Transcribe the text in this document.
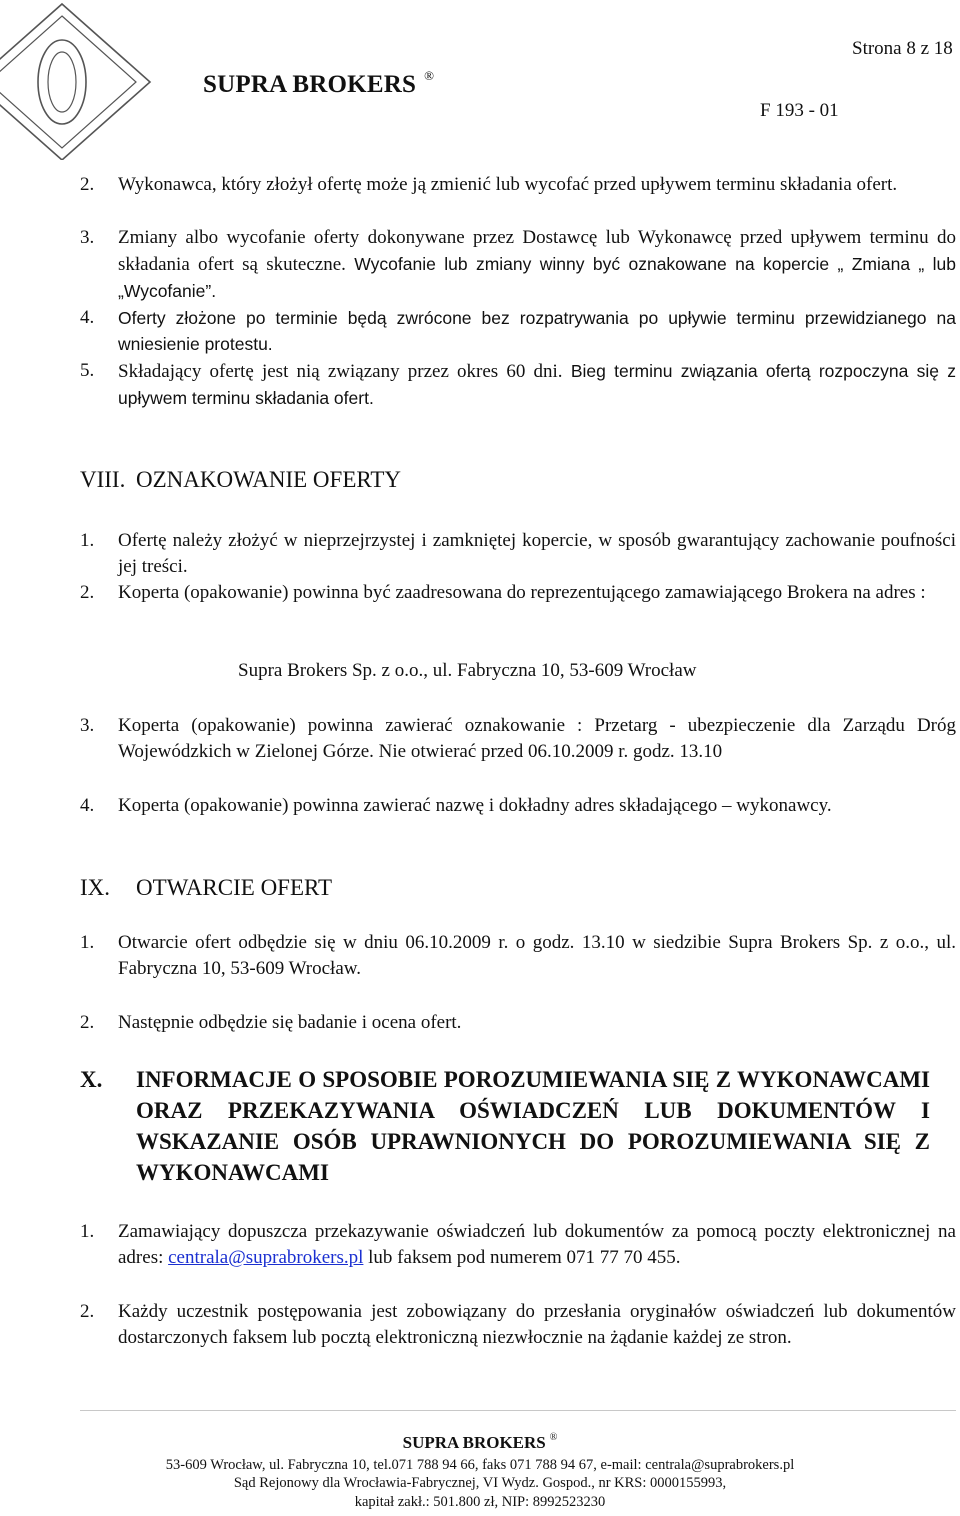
Strona 8 z 18
SUPRA BROKERS ®
F 193 - 01
2. Wykonawca, który złożył ofertę może ją zmienić lub wycofać przed upływem terminu składania ofert.
3. Zmiany albo wycofanie oferty dokonywane przez Dostawcę lub Wykonawcę przed upływem terminu do składania ofert są skuteczne. Wycofanie lub zmiany winny być oznakowane na kopercie „ Zmiana „ lub „Wycofanie”.
4. Oferty złożone po terminie będą zwrócone bez rozpatrywania po upływie terminu przewidzianego na wniesienie protestu.
5. Składający ofertę jest nią związany przez okres 60 dni. Bieg terminu związania ofertą rozpoczyna się z upływem terminu składania ofert.
VIII. OZNAKOWANIE OFERTY
1. Ofertę należy złożyć w nieprzejrzystej i zamkniętej kopercie, w sposób gwarantujący zachowanie poufności jej treści.
2. Koperta (opakowanie) powinna być zaadresowana do reprezentującego zamawiającego Brokera na adres :
Supra Brokers Sp. z o.o., ul. Fabryczna 10, 53-609 Wrocław
3. Koperta (opakowanie) powinna zawierać oznakowanie : Przetarg - ubezpieczenie dla Zarządu Dróg Wojewódzkich w Zielonej Górze. Nie otwierać przed 06.10.2009 r. godz. 13.10
4. Koperta (opakowanie) powinna zawierać nazwę i dokładny adres składającego – wykonawcy.
IX. OTWARCIE OFERT
1. Otwarcie ofert odbędzie się w dniu 06.10.2009 r. o godz. 13.10 w siedzibie Supra Brokers Sp. z o.o., ul. Fabryczna 10, 53-609 Wrocław.
2. Następnie odbędzie się badanie i ocena ofert.
X. INFORMACJE O SPOSOBIE POROZUMIEWANIA SIĘ Z WYKONAWCAMI ORAZ PRZEKAZYWANIA OŚWIADCZEŃ LUB DOKUMENTÓW I WSKAZANIE OSÓB UPRAWNIONYCH DO POROZUMIEWANIA SIĘ Z WYKONAWCAMI
1. Zamawiający dopuszcza przekazywanie oświadczeń lub dokumentów za pomocą poczty elektronicznej na adres: centrala@suprabrokers.pl lub faksem pod numerem 071 77 70 455.
2. Każdy uczestnik postępowania jest zobowiązany do przesłania oryginałów oświadczeń lub dokumentów dostarczonych faksem lub pocztą elektroniczną niezwłocznie na żądanie każdej ze stron.
SUPRA BROKERS ®
53-609 Wrocław, ul. Fabryczna 10, tel.071 788 94 66, faks 071 788 94 67, e-mail: centrala@suprabrokers.pl
Sąd Rejonowy dla Wrocławia-Fabrycznej, VI Wydz. Gospod., nr KRS: 0000155993,
kapitał zakł.: 501.800 zł, NIP: 8992523230
